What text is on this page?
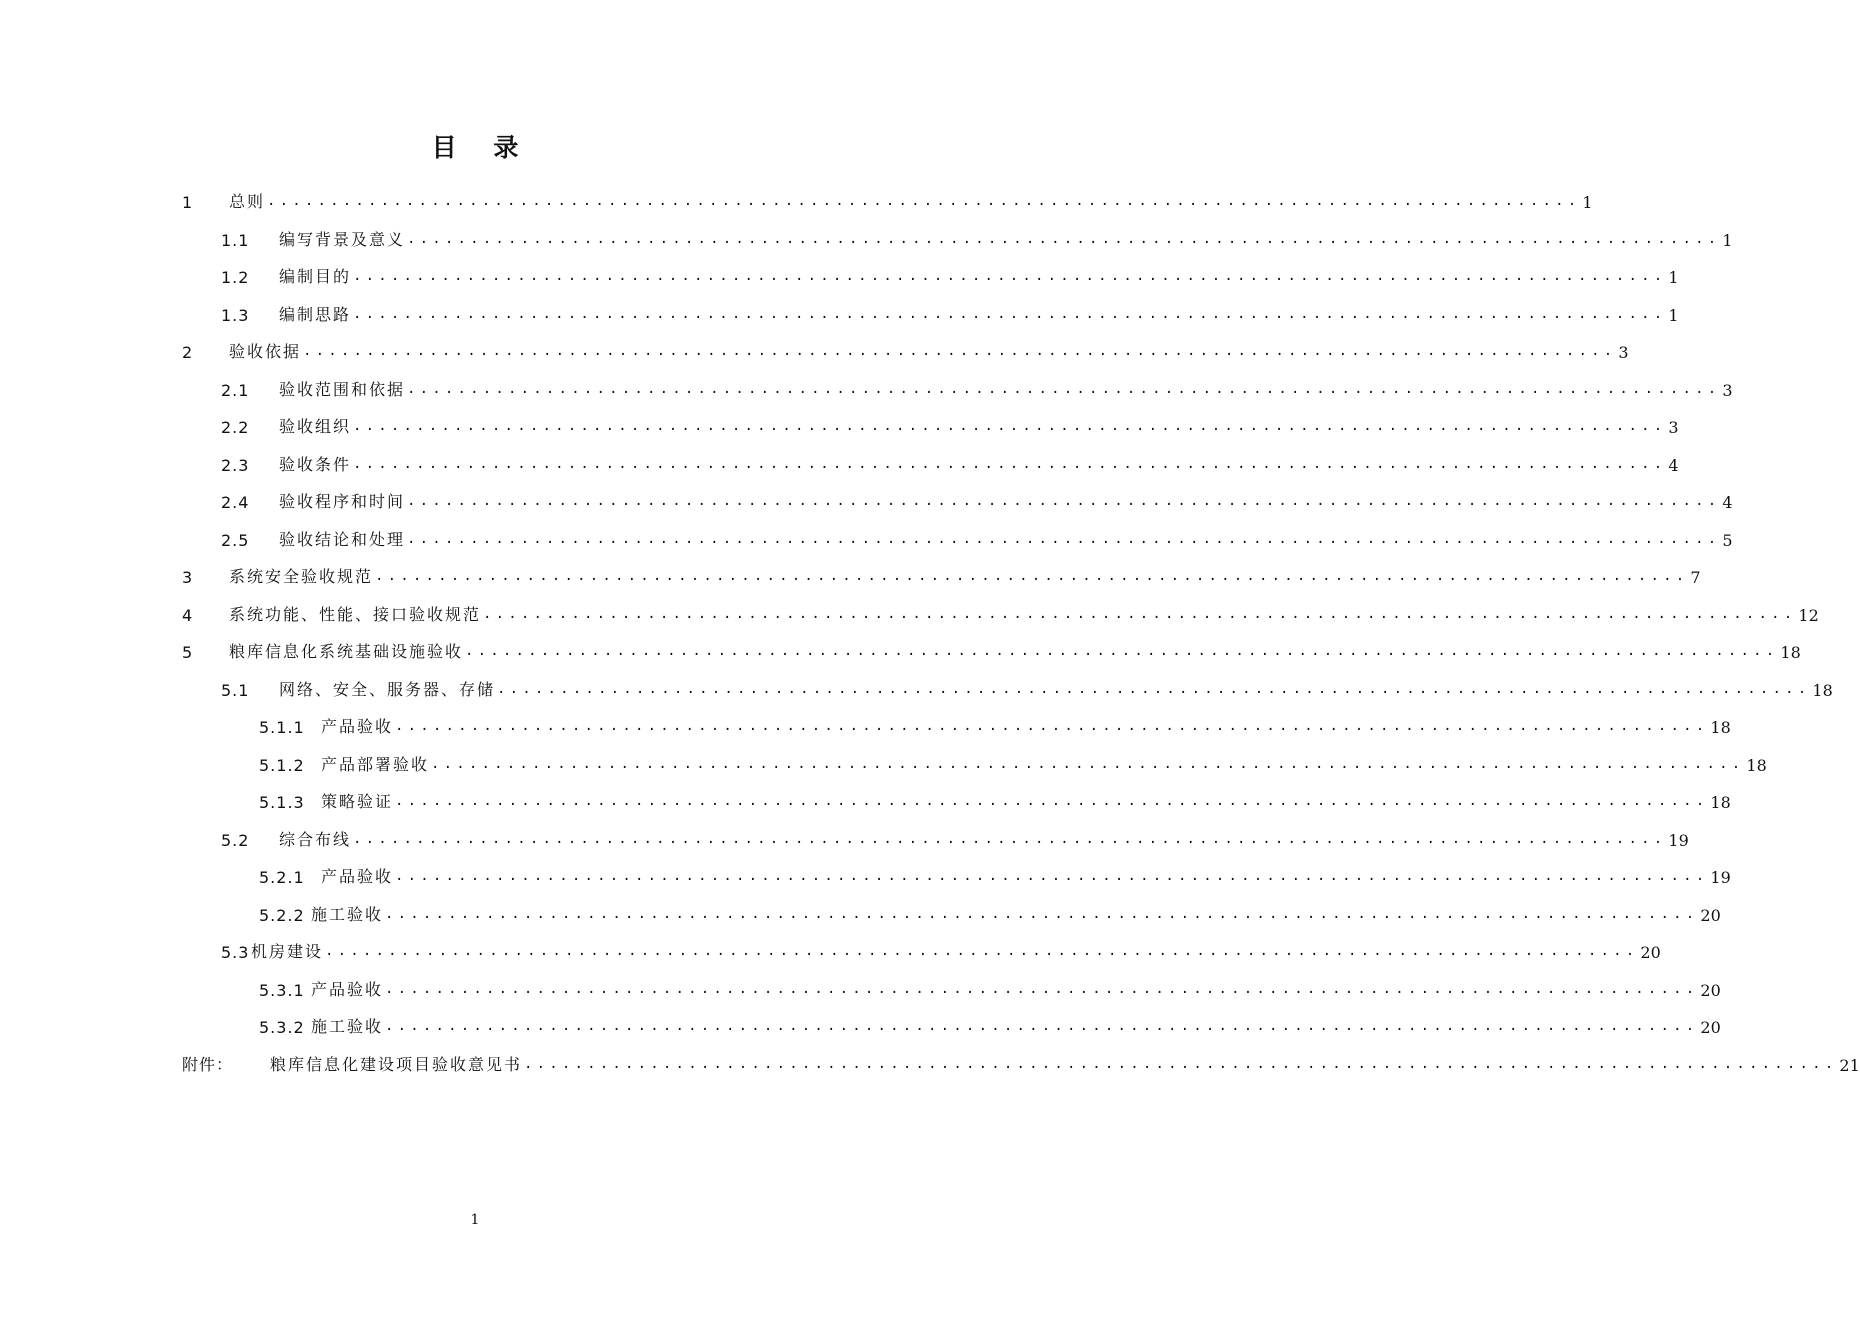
目 录
1	总则 ........................................................................................................ 1
1.1	编写背景及意义 ........................................................................................................ 1
1.2	编制目的 ........................................................................................................ 1
1.3	编制思路 ........................................................................................................ 1
2	验收依据 ........................................................................................................ 3
2.1	验收范围和依据 ........................................................................................................ 3
2.2	验收组织 ........................................................................................................ 3
2.3	验收条件 ........................................................................................................ 4
2.4	验收程序和时间 ........................................................................................................ 4
2.5	验收结论和处理 ........................................................................................................ 5
3	系统安全验收规范 ........................................................................................................ 7
4	系统功能、性能、接口验收规范 ........................................................................................................ 12
5	粮库信息化系统基础设施验收 ........................................................................................................ 18
5.1	网络、安全、服务器、存储 ........................................................................................................ 18
5.1.1	产品验收 ........................................................................................................ 18
5.1.2	产品部署验收 ........................................................................................................ 18
5.1.3	策略验证 ........................................................................................................ 18
5.2	综合布线 ........................................................................................................ 19
5.2.1	产品验收 ........................................................................................................ 19
5.2.2 施工验收 ........................................................................................................ 20
5.3 机房建设 ........................................................................................................ 20
5.3.1 产品验收 ........................................................................................................ 20
5.3.2 施工验收 ........................................................................................................ 20
附件：	粮库信息化建设项目验收意见书 ........................................................................................................ 21
1
